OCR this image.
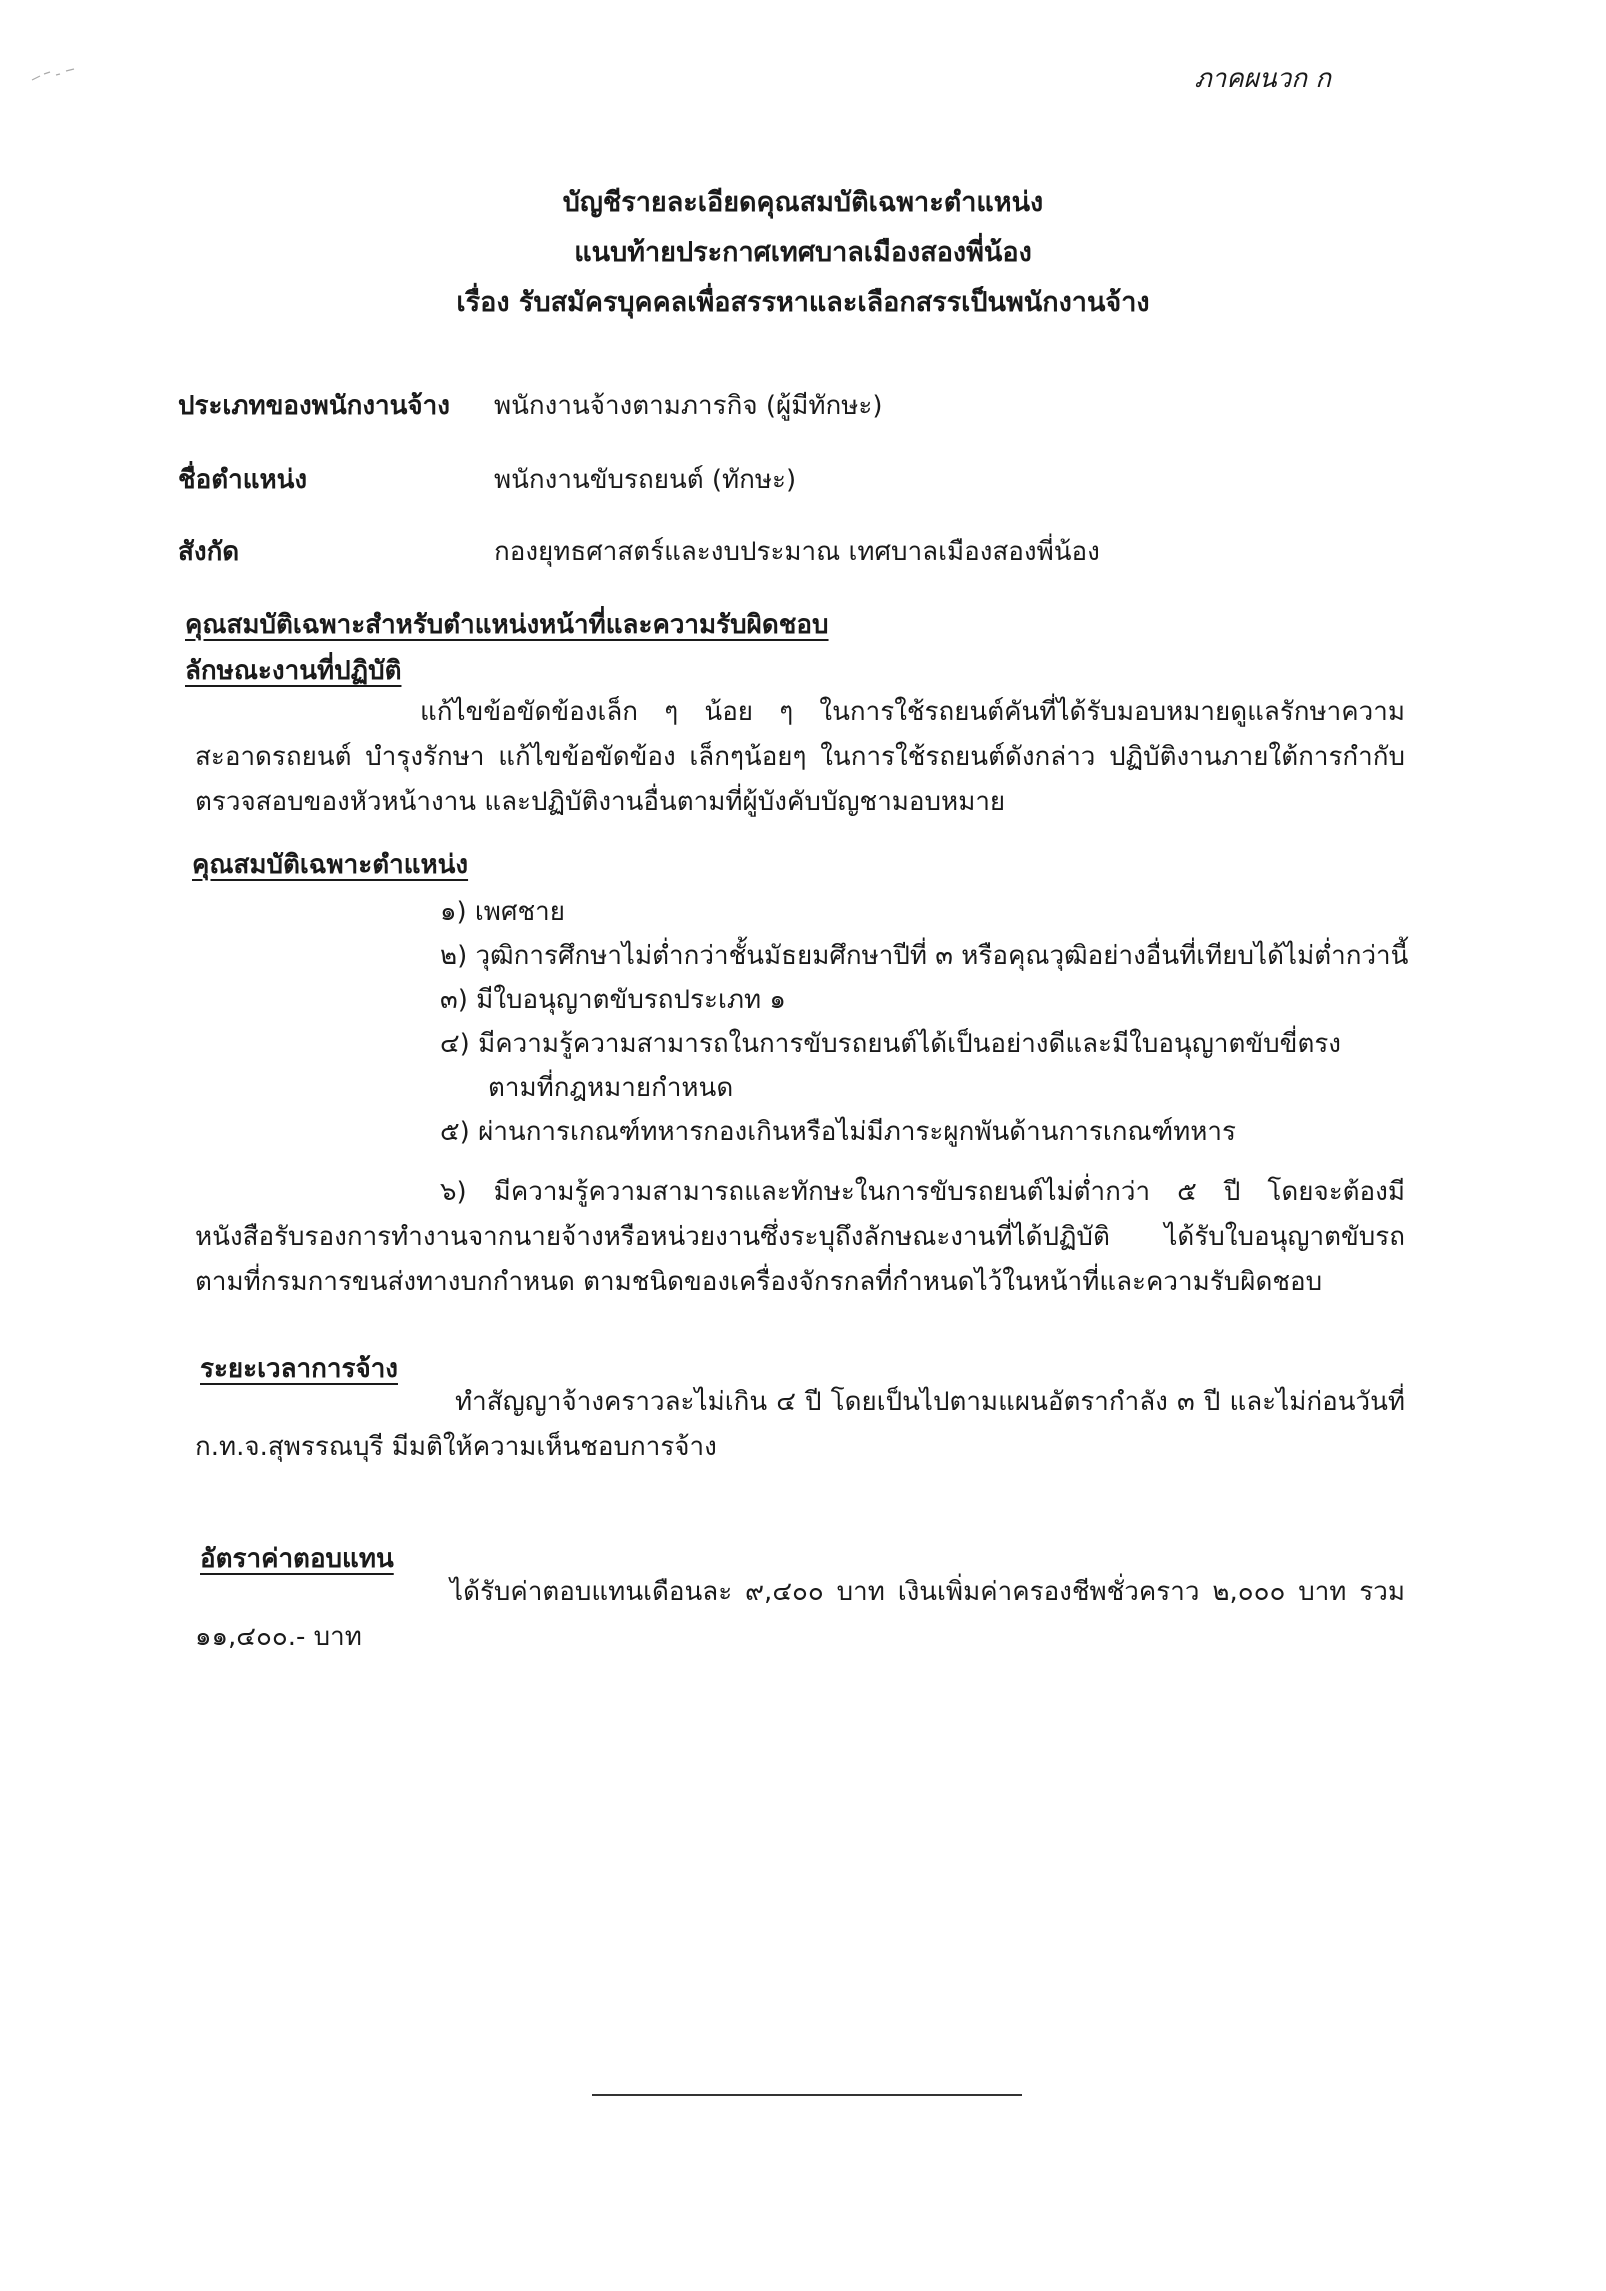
ภาคผนวก ก
บัญชีรายละเอียดคุณสมบัติเฉพาะตำแหน่ง
แนบท้ายประกาศเทศบาลเมืองสองพี่น้อง
เรื่อง รับสมัครบุคคลเพื่อสรรหาและเลือกสรรเป็นพนักงานจ้าง
ประเภทของพนักงานจ้าง พนักงานจ้างตามภารกิจ (ผู้มีทักษะ)
ชื่อตำแหน่ง	พนักงานขับรถยนต์ (ทักษะ)
สังกัด	กองยุทธศาสตร์และงบประมาณ เทศบาลเมืองสองพี่น้อง
คุณสมบัติเฉพาะสำหรับตำแหน่งหน้าที่และความรับผิดชอบ
ลักษณะงานที่ปฏิบัติ
แก้ไขข้อขัดข้องเล็ก ๆ น้อย ๆ ในการใช้รถยนต์คันที่ได้รับมอบหมายดูแลรักษาความสะอาดรถยนต์ บำรุงรักษา แก้ไขข้อขัดข้อง เล็กๆน้อยๆ ในการใช้รถยนต์ดังกล่าว ปฏิบัติงานภายใต้การกำกับตรวจสอบของหัวหน้างาน และปฏิบัติงานอื่นตามที่ผู้บังคับบัญชามอบหมาย
คุณสมบัติเฉพาะตำแหน่ง
๑) เพศชาย
๒) วุฒิการศึกษาไม่ต่ำกว่าชั้นมัธยมศึกษาปีที่ ๓ หรือคุณวุฒิอย่างอื่นที่เทียบได้ไม่ต่ำกว่านี้
๓) มีใบอนุญาตขับรถประเภท ๑
๔) มีความรู้ความสามารถในการขับรถยนต์ได้เป็นอย่างดีและมีใบอนุญาตขับขี่ตรง
ตามที่กฎหมายกำหนด
๕) ผ่านการเกณฑ์ทหารกองเกินหรือไม่มีภาระผูกพันด้านการเกณฑ์ทหาร
๖) มีความรู้ความสามารถและทักษะในการขับรถยนต์ไม่ต่ำกว่า ๕ ปี โดยจะต้องมีหนังสือรับรองการทำงานจากนายจ้างหรือหน่วยงานซึ่งระบุถึงลักษณะงานที่ได้ปฏิบัติ ได้รับใบอนุญาตขับรถตามที่กรมการขนส่งทางบกกำหนด ตามชนิดของเครื่องจักรกลที่กำหนดไว้ในหน้าที่และความรับผิดชอบ
ระยะเวลาการจ้าง
ทำสัญญาจ้างคราวละไม่เกิน ๔ ปี โดยเป็นไปตามแผนอัตรากำลัง ๓ ปี และไม่ก่อนวันที่ ก.ท.จ.สุพรรณบุรี มีมติให้ความเห็นชอบการจ้าง
อัตราค่าตอบแทน
ได้รับค่าตอบแทนเดือนละ ๙,๔๐๐ บาท เงินเพิ่มค่าครองชีพชั่วคราว ๒,๐๐๐ บาท รวม ๑๑,๔๐๐.- บาท
